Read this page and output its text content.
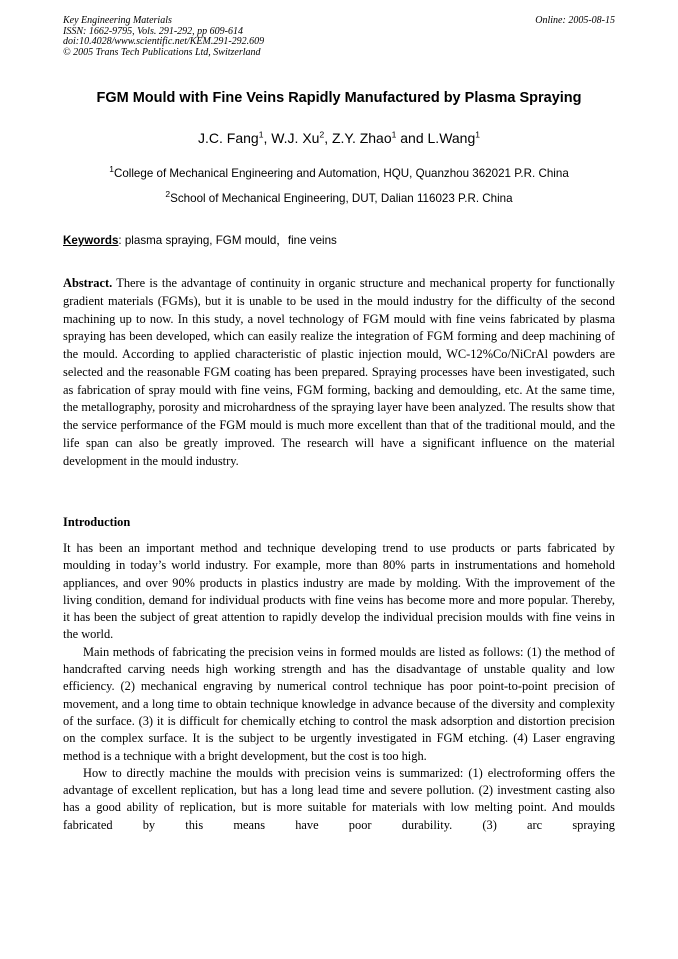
Key Engineering Materials
ISSN: 1662-9795, Vols. 291-292, pp 609-614
doi:10.4028/www.scientific.net/KEM.291-292.609
© 2005 Trans Tech Publications Ltd, Switzerland
Online: 2005-08-15
FGM Mould with Fine Veins Rapidly Manufactured by Plasma Spraying
J.C. Fang$^1$, W.J. Xu$^2$, Z.Y. Zhao$^1$ and L.Wang$^1$
$^1$College of Mechanical Engineering and Automation, HQU, Quanzhou 362021 P.R. China
$^2$School of Mechanical Engineering, DUT, Dalian 116023 P.R. China
Keywords: plasma spraying, FGM mould，fine veins

Abstract. There is the advantage of continuity in organic structure and mechanical property for functionally gradient materials (FGMs), but it is unable to be used in the mould industry for the difficulty of the second machining up to now. In this study, a novel technology of FGM mould with fine veins fabricated by plasma spraying has been developed, which can easily realize the integration of FGM forming and deep machining of the mould. According to applied characteristic of plastic injection mould, WC-12%Co/NiCrAl powders are selected and the reasonable FGM coating has been prepared. Spraying processes have been investigated, such as fabrication of spray mould with fine veins, FGM forming, backing and demoulding, etc. At the same time, the metallography, porosity and microhardness of the spraying layer have been analyzed. The results show that the service performance of the FGM mould is much more excellent than that of the traditional mould, and the life span can also be greatly improved. The research will have a significant influence on the material development in the mould industry.

Introduction

It has been an important method and technique developing trend to use products or parts fabricated by moulding in today’s world industry. For example, more than 80% parts in instrumentations and homehold appliances, and over 90% products in plastics industry are made by molding. With the improvement of the living condition, demand for individual products with fine veins has become more and more popular. Thereby, it has been the subject of great attention to rapidly develop the individual precision moulds with fine veins in the world.

Main methods of fabricating the precision veins in formed moulds are listed as follows: (1) the method of handcrafted carving needs high working strength and has the disadvantage of unstable quality and low efficiency. (2) mechanical engraving by numerical control technique has poor point-to-point precision of movement, and a long time to obtain technique knowledge in advance because of the diversity and complexity of the surface. (3) it is difficult for chemically etching to control the mask adsorption and distortion precision on the complex surface. It is the subject to be urgently investigated in FGM etching. (4) Laser engraving method is a technique with a bright development, but the cost is too high.

How to directly machine the moulds with precision veins is summarized: (1) electroforming offers the advantage of excellent replication, but has a long lead time and severe pollution. (2) investment casting also has a good ability of replication, but is more suitable for materials with low melting point. And moulds fabricated by this means have poor durability. (3) arc spraying
